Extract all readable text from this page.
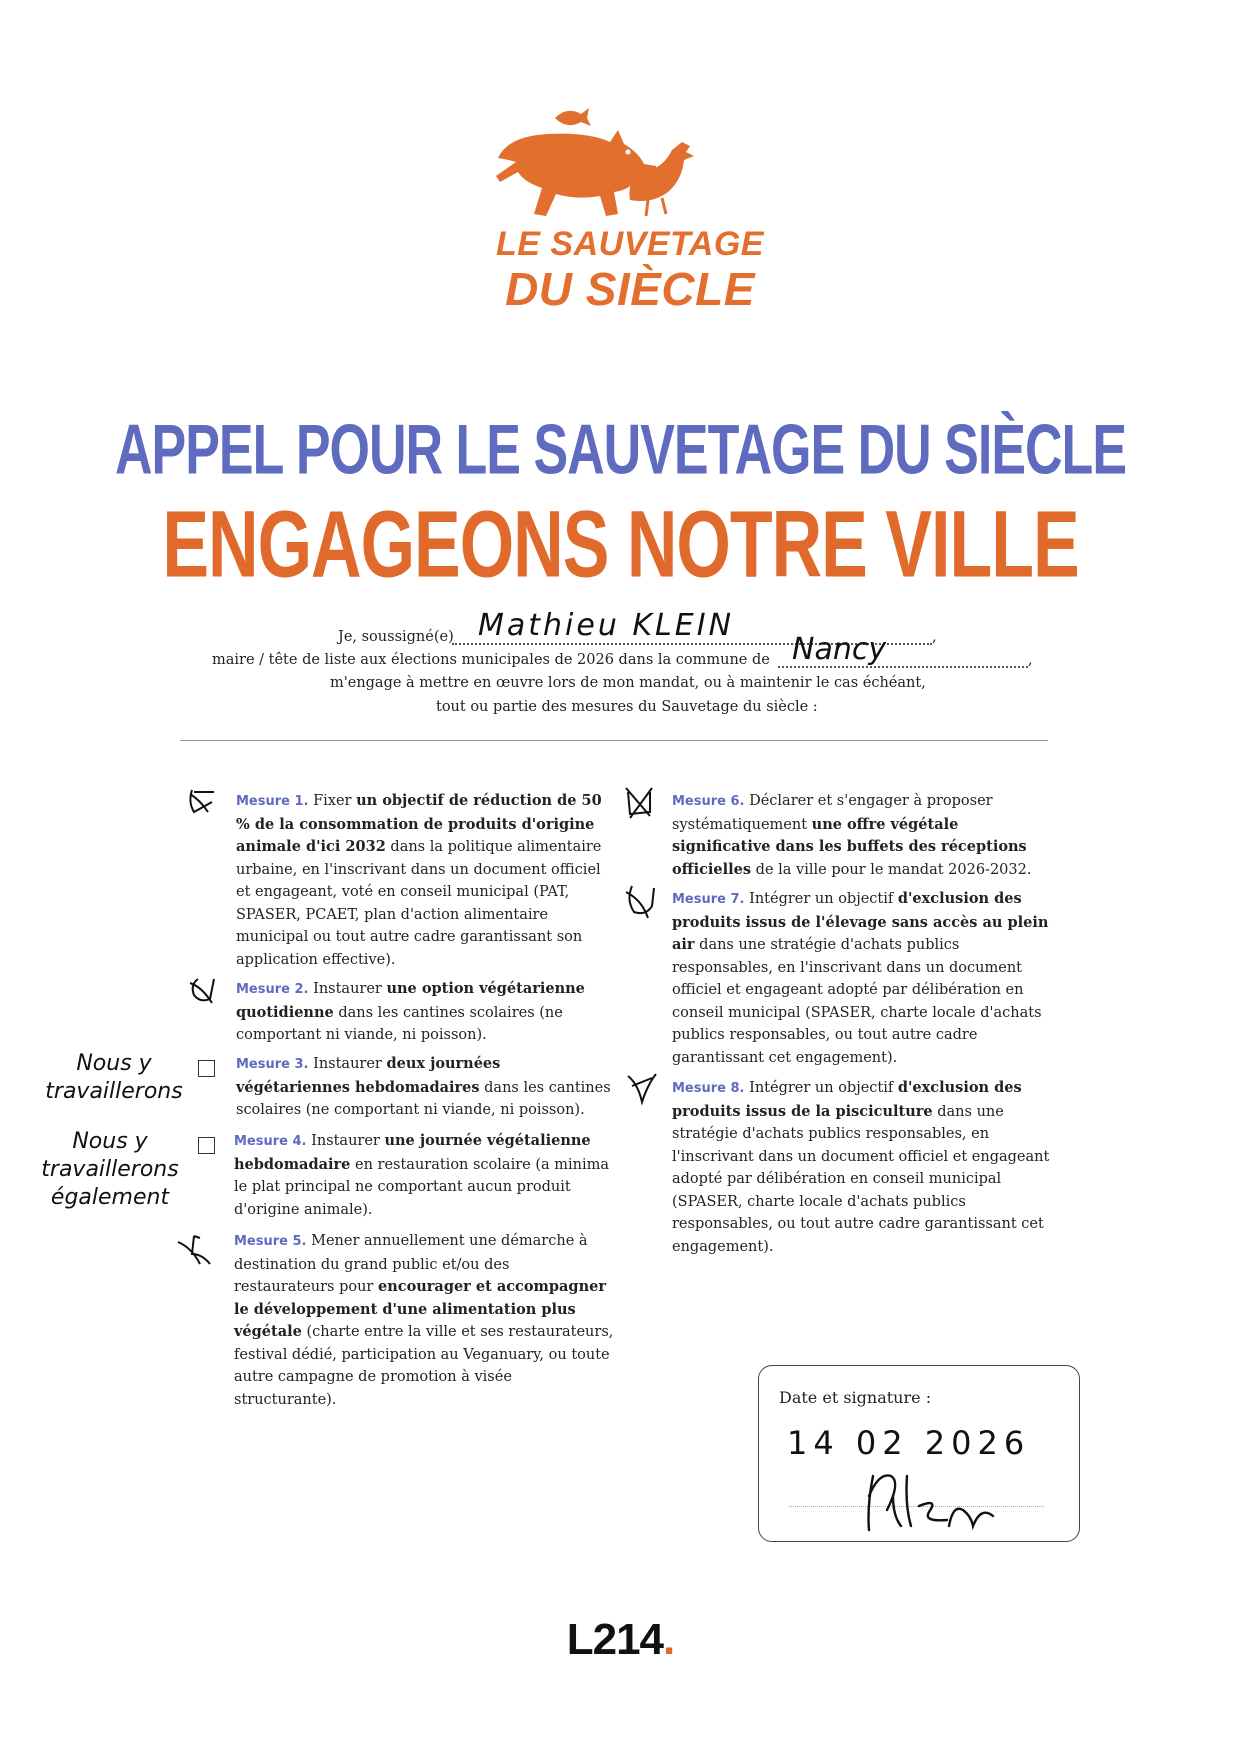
LE SAUVETAGE
DU SIÈCLE
APPEL POUR LE SAUVETAGE DU SIÈCLE
ENGAGEONS NOTRE VILLE
Je, soussigné(e) Mathieu KLEIN	,
maire / tête de liste aux élections municipales de 2026 dans la commune de Nancy	,
m'engage à mettre en œuvre lors de mon mandat, ou à maintenir le cas échéant,
tout ou partie des mesures du Sauvetage du siècle :
Mesure 1. Fixer un objectif de réduction de 50 % de la consommation de produits d'origine animale d'ici 2032 dans la politique alimentaire urbaine, en l'inscrivant dans un document officiel et engageant, voté en conseil municipal (PAT, SPASER, PCAET, plan d'action alimentaire municipal ou tout autre cadre garantissant son application effective).
Mesure 2. Instaurer une option végétarienne quotidienne dans les cantines scolaires (ne comportant ni viande, ni poisson).
Mesure 3. Instaurer deux journées végétariennes hebdomadaires dans les cantines scolaires (ne comportant ni viande, ni poisson).
Mesure 4. Instaurer une journée végétalienne hebdomadaire en restauration scolaire (a minima le plat principal ne comportant aucun produit d'origine animale).
Mesure 5. Mener annuellement une démarche à destination du grand public et/ou des restaurateurs pour encourager et accompagner le développement d'une alimentation plus végétale (charte entre la ville et ses restaurateurs, festival dédié, participation au Veganuary, ou toute autre campagne de promotion à visée structurante).
Mesure 6. Déclarer et s'engager à proposer systématiquement une offre végétale significative dans les buffets des réceptions officielles de la ville pour le mandat 2026-2032.
Mesure 7. Intégrer un objectif d'exclusion des produits issus de l'élevage sans accès au plein air dans une stratégie d'achats publics responsables, en l'inscrivant dans un document officiel et engageant adopté par délibération en conseil municipal (SPASER, charte locale d'achats publics responsables, ou tout autre cadre garantissant cet engagement).
Mesure 8. Intégrer un objectif d'exclusion des produits issus de la pisciculture dans une stratégie d'achats publics responsables, en l'inscrivant dans un document officiel et engageant adopté par délibération en conseil municipal (SPASER, charte locale d'achats publics responsables, ou tout autre cadre garantissant cet engagement).
Nous y
travaillerons
Nous y
travaillerons
également
Date et signature :
14 02 2026
L214.
